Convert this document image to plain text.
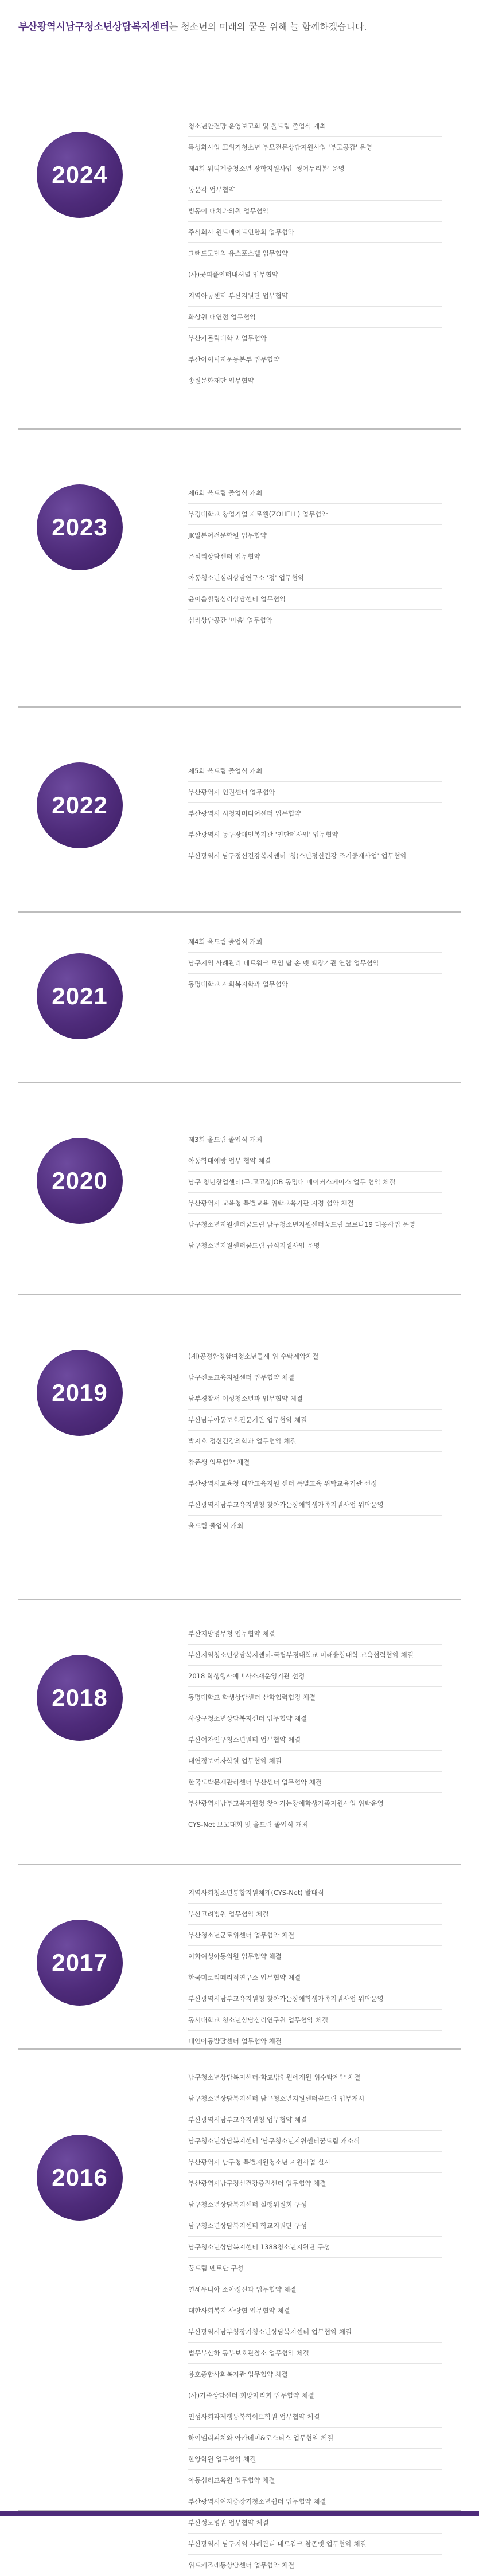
부산광역시남구청소년상담복지센터는 청소년의 미래와 꿈을 위해 늘 함께하겠습니다.
2024
청소년안전망 운영보고회 및 올드림 졸업식 개최
특성화사업 고위기청소년 부모전문상담지원사업 '부모공감' 운영
제4회 위덕계중청소년 장학지원사업 '씽어누리봄' 운영
동문각 업무협약
병동이 대치과의원 업무협약
주식회사 원드메이드연합회 업무협약
그랜드모던의 유스포스텔 업무협약
(사)굿피플인터내셔널 업무협약
지역아동센터 부산지원단 업무협약
화상원 대연점 업무협약
부산카톨릭대학교 업무협약
부산아이틱지운동본부 업무협약
송원문화재단 업무협약
2023
제6회 올드림 졸업식 개최
부경대학교 창업기업 제로웰(ZOHELL) 업무협약
JK일본어전문학원 업무협약
은심리상담센터 업무협약
아동청소년심리상담연구소 '정' 업무협약
윤이음힐링심리상담센터 업무협약
심리상담공간 '마음' 업무협약
2022
제5회 올드림 졸업식 개최
부산광역시 인권센터 업무협약
부산광역시 시청자미디어센터 업무협약
부산광역시 동구장애인복지관 '인단테사업' 업무협약
부산광역시 남구정신건강복지센터 '청(소년정신건강 조기중재사업' 업무협약
2021
제4회 올드림 졸업식 개최
남구지역 사례관리 네트워크 모임 탐 손 넷 확장기관 연합 업무협약
동명대학교 사회복지학과 업무협약
2020
제3회 올드림 졸업식 개최
아동학대예방 업무 협약 체결
남구 청년창업센터(구.고고잡JOB 동명대 메이커스페이스 업무 협약 체결
부산광역시 교육청 특별교육 위탁교육기관 지정 협약 체결
남구청소년지원센터꿈드림 남구청소년지원센터꿈드림 코로나19 대응사업 운영
남구청소년지원센터꿈드림 급식지원사업 운영
2019
(재)공정환칭함여청소년들새 위 수탁계약체결
남구진로교육지원센터 업무협약 체결
남부경찰서 여성청소년과 업무협약 체결
부산남부아동보호전문기관 업무협약 체결
박지호 정신건강의학과 업무협약 체결
참존생 업무협약 체결
부산광역시교육청 대안교육지원 센터 특별교육 위탁교육기관 선정
부산광역시남부교육지원청 찾아가는장애학생가족지원사업 위탁운영
올드림 졸업식 개최
2018
부산지방병무청 업무협약 체결
부산지역청소년상담복지센터-국립부경대학교 미래융합대학 교육협력협약 체결
2018 학생행사예비사소재운영기관 선정
동명대학교 학생상담센터 산학협력협정 체결
사상구청소년상담복지센터 업무협약 체결
부산여자인구청소년원터 업무협약 체결
대연정보여자학원 업무협약 체결
한국도박문제관리센터 부산센터 업무협약 체결
부산광역시남부교육지원청 찾아가는장애학생가족지원사업 위탁운영
CYS-Net 보고대회 및 올드림 졸업식 개최
2017
지역사회청소년통합지원체계(CYS-Net) 발대식
부산고려병원 업무협약 체결
부산청소년군로위센터 업무협약 체결
이화여성아동의원 업무협약 체결
한국미로리떼리적연구소 업무협약 체결
부산광역시남부교육지원청 찾아가는장애학생가족지원사업 위탁운영
동서대학교 청소년상담심리연구원 업무협약 체결
대연아동발달센터 업무협약 체결
2016
남구청소년상담복지센터-학교밖인원에게원 위수탁계약 체결
남구청소년상담복지센터 남구청소년지원센터꿈드림 업무개시
부산광역시남부교육지원청 업무협약 체결
남구청소년상담복지센터 '남구청소년지원센터꿈드림 개소식
부산광역시 남구청 특별지원청소년 지원사업 실시
부산광역시남구정신건강증진센터 업무협약 체결
남구청소년상담복지센터 실행위원회 구성
남구청소년상담복지센터 학교지원단 구성
남구청소년상담복지센터 1388청소년지원단 구성
꿈드림 멘토단 구성
연세우니아 소아정신과 업무협약 체결
대한사회복지 사랑협 업무협약 체결
부산광역시남부청장기청소년상담복지센터 업무협약 체결
법무부산하 동부보호관찰소 업무협약 체결
용호종합사회복지관 업무협약 체결
(사)가족상담센터·희망자리회 업무협약 체결
인성사회과제행동복학이트학원 업무협약 체결
하이멜리피치와 아카데미&로스티스 업무협약 체결
한양학원 업무협약 체결
아동심리교육원 업무협약 체결
부산광역시여자중장기청소년쉼터 업무협약 체결
부산성모병원 업무협약 체결
부산광역시 남구지역 사례관리 네트워크 참존넷 업무협약 체결
위드커즈래통상담센터 업무협약 체결
